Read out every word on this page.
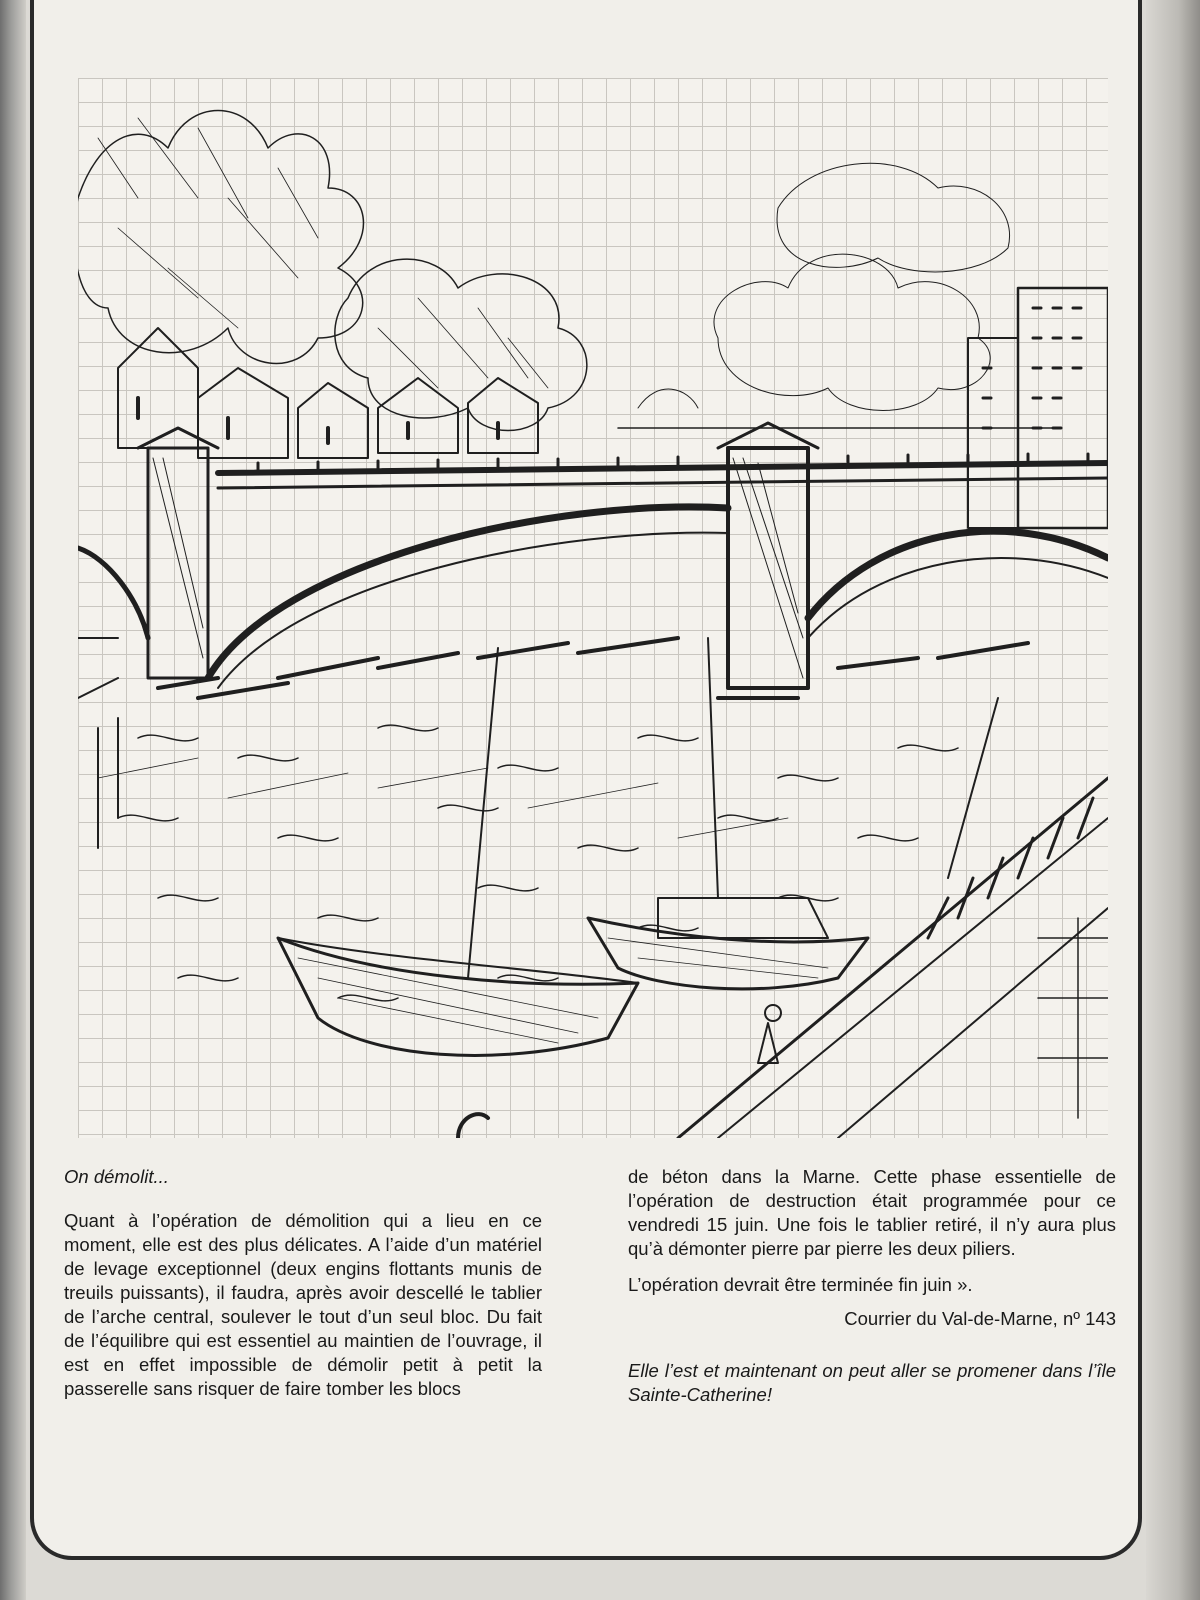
On démolit...

Quant à l’opération de démolition qui a lieu en ce moment, elle est des plus délicates. A l’aide d’un matériel de levage exceptionnel (deux engins flottants munis de treuils puissants), il faudra, après avoir descellé le tablier de l’arche central, soulever le tout d’un seul bloc. Du fait de l’équilibre qui est essentiel au maintien de l’ouvrage, il est en effet impossible de démolir petit à petit la passerelle sans risquer de faire tomber les blocs

de béton dans la Marne. Cette phase essentielle de l’opération de destruction était programmée pour ce vendredi 15 juin. Une fois le tablier retiré, il n’y aura plus qu’à démonter pierre par pierre les deux piliers.

L’opération devrait être terminée fin juin ».

Courrier du Val-de-Marne, nº 143

Elle l’est et maintenant on peut aller se promener dans l’île Sainte-Catherine!
